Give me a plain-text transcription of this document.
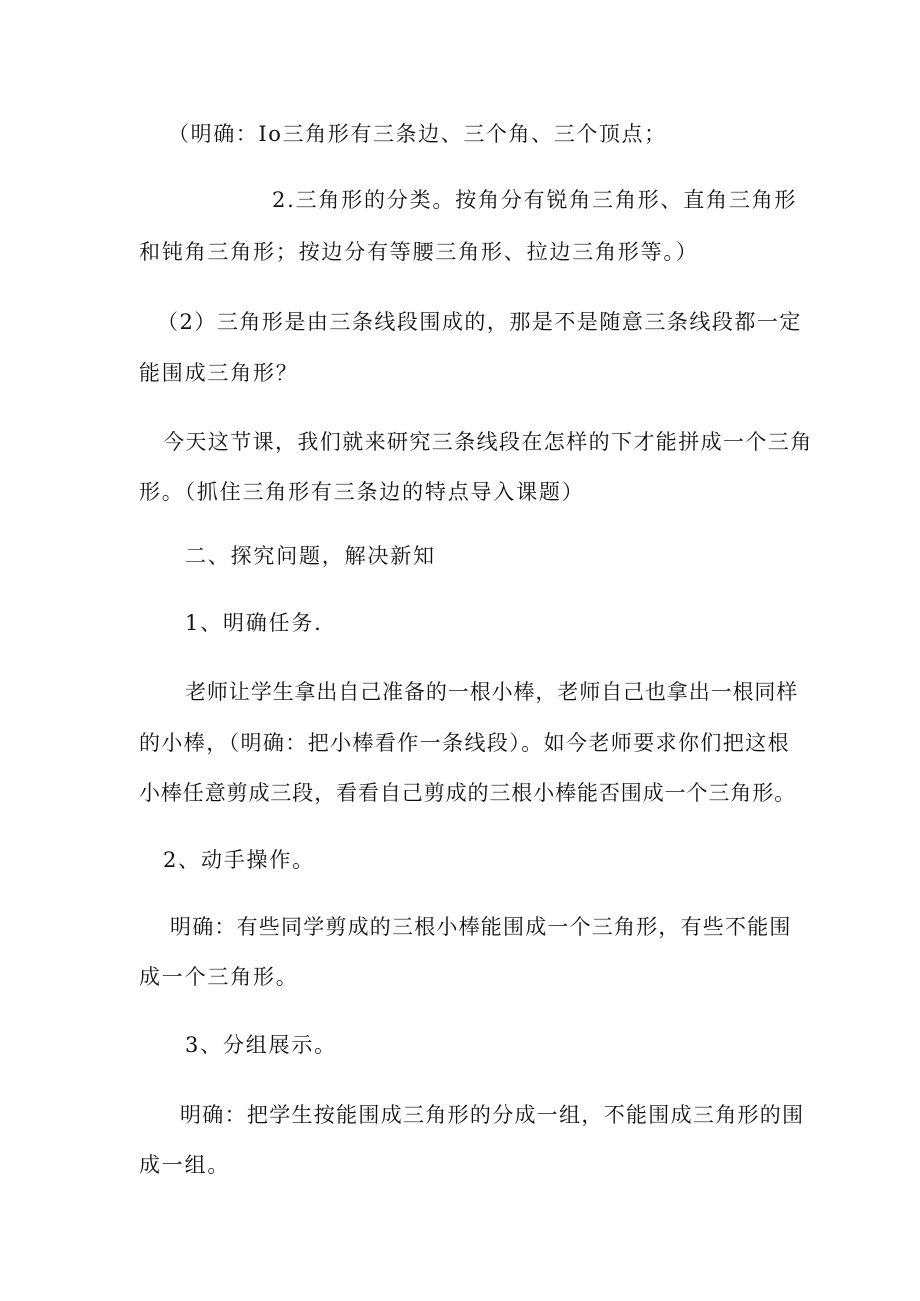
（明确：Io三角形有三条边、三个角、三个顶点；
2.三角形的分类。按角分有锐角三角形、直角三角形
和钝角三角形；按边分有等腰三角形、拉边三角形等。）
（2）三角形是由三条线段围成的，那是不是随意三条线段都一定
能围成三角形？
今天这节课，我们就来研究三条线段在怎样的下才能拼成一个三角
形。（抓住三角形有三条边的特点导入课题）
二、探究问题，解决新知
1、明确任务.
老师让学生拿出自己准备的一根小棒，老师自己也拿出一根同样
的小棒，（明确：把小棒看作一条线段）。如今老师要求你们把这根
小棒任意剪成三段，看看自己剪成的三根小棒能否围成一个三角形。
2、动手操作。
明确：有些同学剪成的三根小棒能围成一个三角形，有些不能围
成一个三角形。
3、分组展示。
明确：把学生按能围成三角形的分成一组，不能围成三角形的围
成一组。
